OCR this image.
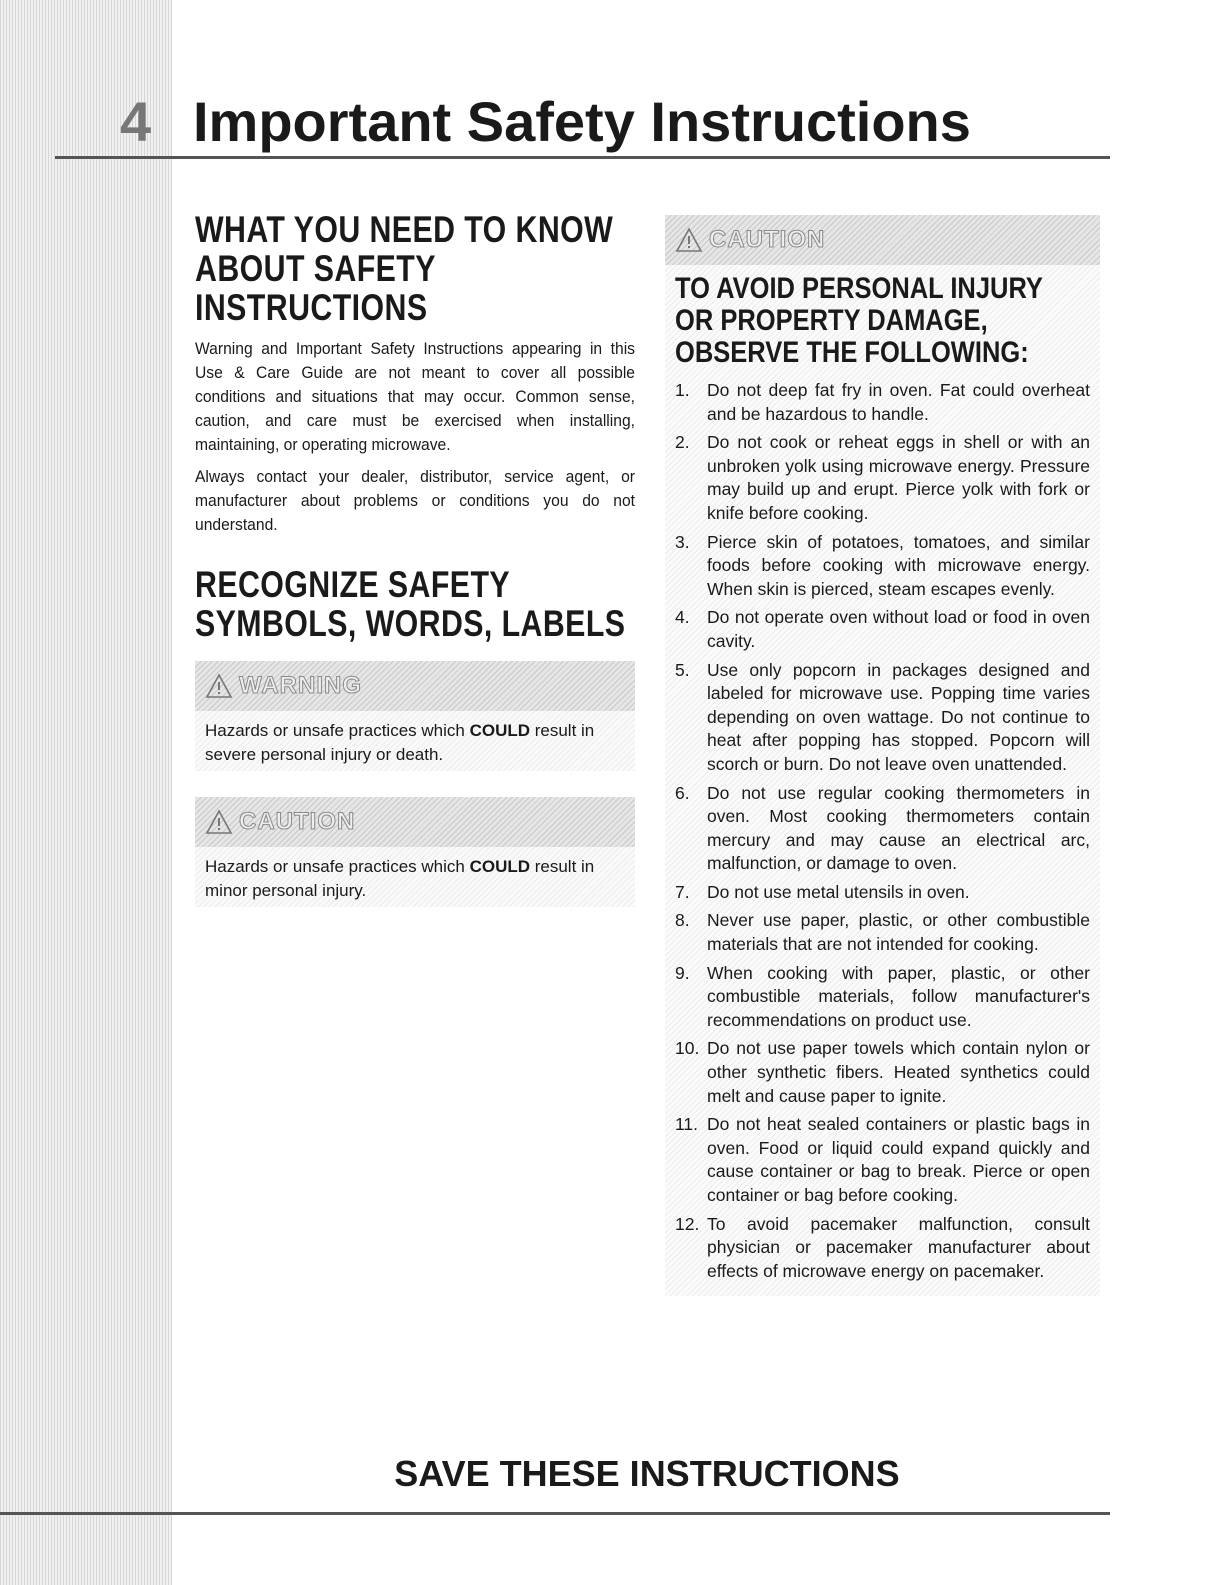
4 Important Safety Instructions
WHAT YOU NEED TO KNOW ABOUT SAFETY INSTRUCTIONS

Warning and Important Safety Instructions appearing in this Use & Care Guide are not meant to cover all possible conditions and situations that may occur. Common sense, caution, and care must be exercised when installing, maintaining, or operating microwave.

Always contact your dealer, distributor, service agent, or manufacturer about problems or conditions you do not understand.

RECOGNIZE SAFETY SYMBOLS, WORDS, LABELS
WARNING
Hazards or unsafe practices which COULD result in severe personal injury or death.
CAUTION
Hazards or unsafe practices which COULD result in minor personal injury.
CAUTION
TO AVOID PERSONAL INJURY OR PROPERTY DAMAGE, OBSERVE THE FOLLOWING:
1. Do not deep fat fry in oven. Fat could overheat and be hazardous to handle.
2. Do not cook or reheat eggs in shell or with an unbroken yolk using microwave energy. Pressure may build up and erupt. Pierce yolk with fork or knife before cooking.
3. Pierce skin of potatoes, tomatoes, and similar foods before cooking with microwave energy. When skin is pierced, steam escapes evenly.
4. Do not operate oven without load or food in oven cavity.
5. Use only popcorn in packages designed and labeled for microwave use. Popping time varies depending on oven wattage. Do not continue to heat after popping has stopped. Popcorn will scorch or burn. Do not leave oven unattended.
6. Do not use regular cooking thermometers in oven. Most cooking thermometers contain mercury and may cause an electrical arc, malfunction, or damage to oven.
7. Do not use metal utensils in oven.
8. Never use paper, plastic, or other combustible materials that are not intended for cooking.
9. When cooking with paper, plastic, or other combustible materials, follow manufacturer's recommendations on product use.
10. Do not use paper towels which contain nylon or other synthetic fibers. Heated synthetics could melt and cause paper to ignite.
11. Do not heat sealed containers or plastic bags in oven. Food or liquid could expand quickly and cause container or bag to break. Pierce or open container or bag before cooking.
12. To avoid pacemaker malfunction, consult physician or pacemaker manufacturer about effects of microwave energy on pacemaker.
SAVE THESE INSTRUCTIONS
